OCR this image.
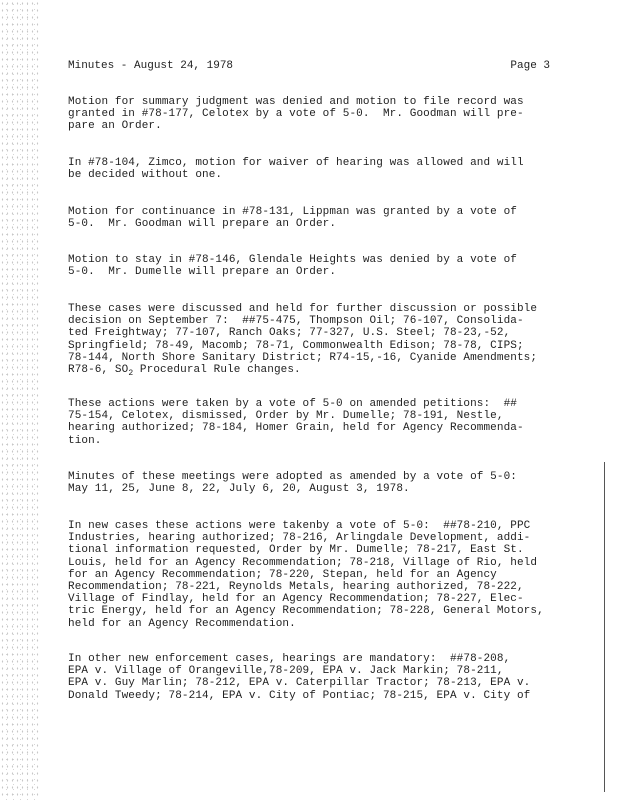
Minutes - August 24, 1978	Page 3
Motion for summary judgment was denied and motion to file record was
granted in #78-177, Celotex by a vote of 5-0.  Mr. Goodman will pre-
pare an Order.
In #78-104, Zimco, motion for waiver of hearing was allowed and will
be decided without one.
Motion for continuance in #78-131, Lippman was granted by a vote of
5-0.  Mr. Goodman will prepare an Order.
Motion to stay in #78-146, Glendale Heights was denied by a vote of
5-0.  Mr. Dumelle will prepare an Order.
These cases were discussed and held for further discussion or possible
decision on September 7:  ##75-475, Thompson Oil; 76-107, Consolida-
ted Freightway; 77-107, Ranch Oaks; 77-327, U.S. Steel; 78-23,-52,
Springfield; 78-49, Macomb; 78-71, Commonwealth Edison; 78-78, CIPS;
78-144, North Shore Sanitary District; R74-15,-16, Cyanide Amendments;
R78-6, $SO_2$ Procedural Rule changes.
These actions were taken by a vote of 5-0 on amended petitions:  ##
75-154, Celotex, dismissed, Order by Mr. Dumelle; 78-191, Nestle,
hearing authorized; 78-184, Homer Grain, held for Agency Recommenda-
tion.
Minutes of these meetings were adopted as amended by a vote of 5-0:
May 11, 25, June 8, 22, July 6, 20, August 3, 1978.
In new cases these actions were takenby a vote of 5-0:  ##78-210, PPC
Industries, hearing authorized; 78-216, Arlingdale Development, addi-
tional information requested, Order by Mr. Dumelle; 78-217, East St.
Louis, held for an Agency Recommendation; 78-218, Village of Rio, held
for an Agency Recommendation; 78-220, Stepan, held for an Agency
Recommendation; 78-221, Reynolds Metals, hearing authorized, 78-222,
Village of Findlay, held for an Agency Recommendation; 78-227, Elec-
tric Energy, held for an Agency Recommendation; 78-228, General Motors,
held for an Agency Recommendation.
In other new enforcement cases, hearings are mandatory:  ##78-208,
EPA v. Village of Orangeville,78-209, EPA v. Jack Markin; 78-211,
EPA v. Guy Marlin; 78-212, EPA v. Caterpillar Tractor; 78-213, EPA v.
Donald Tweedy; 78-214, EPA v. City of Pontiac; 78-215, EPA v. City of
